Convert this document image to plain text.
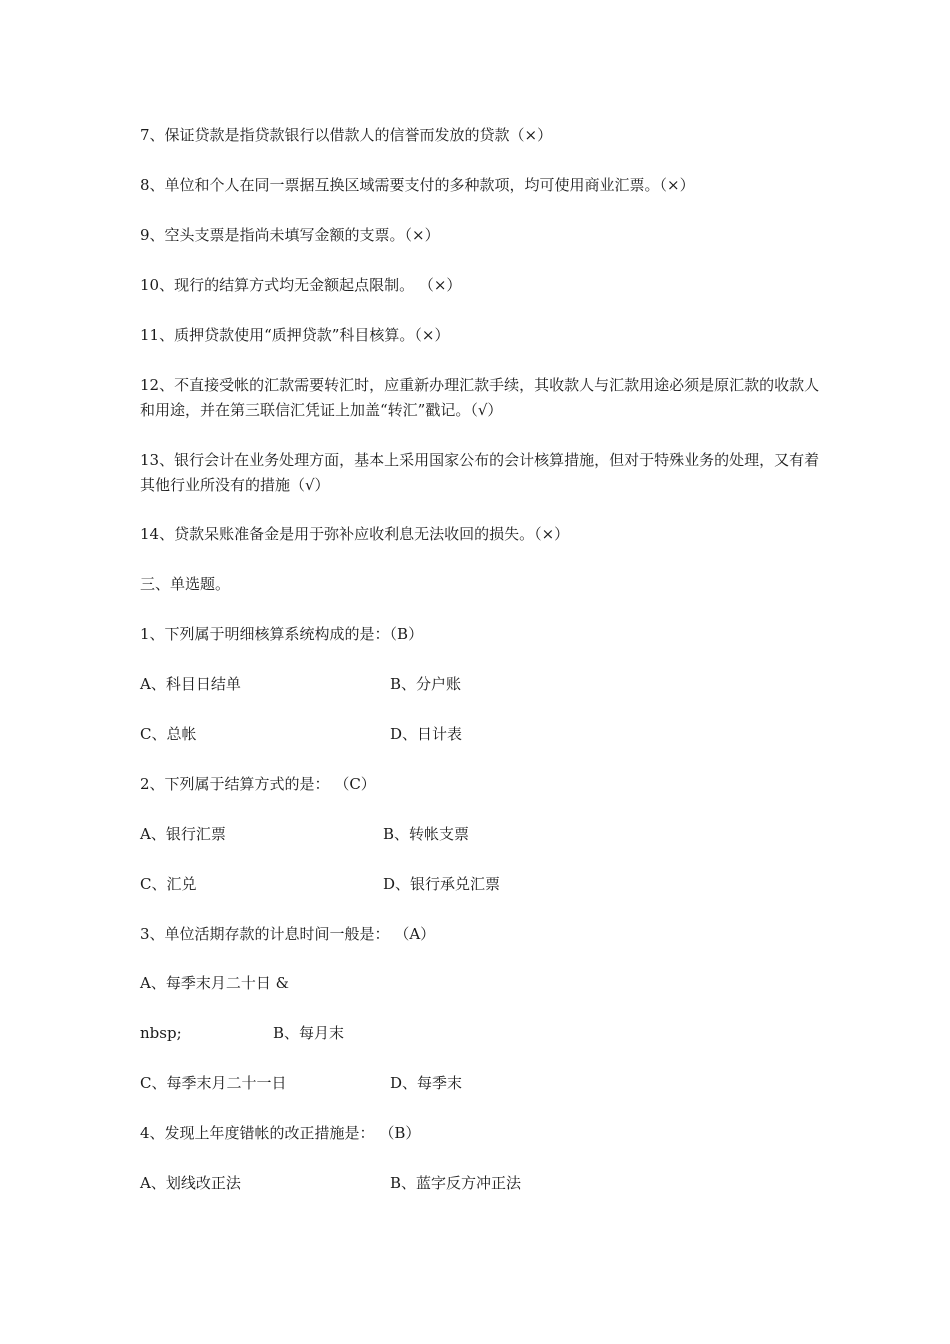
7、保证贷款是指贷款银行以借款人的信誉而发放的贷款（×）
8、单位和个人在同一票据互换区域需要支付的多种款项，均可使用商业汇票。（×）
9、空头支票是指尚未填写金额的支票。（×）
10、现行的结算方式均无金额起点限制。 （×）
11、质押贷款使用“质押贷款”科目核算。（×）
12、不直接受帐的汇款需要转汇时，应重新办理汇款手续，其收款人与汇款用途必须是原汇款的收款人和用途，并在第三联信汇凭证上加盖“转汇”戳记。（√）
13、银行会计在业务处理方面，基本上采用国家公布的会计核算措施，但对于特殊业务的处理，又有着其他行业所没有的措施（√）
14、贷款呆账准备金是用于弥补应收利息无法收回的损失。（×）
三、单选题。
1、下列属于明细核算系统构成的是：（B）
A、科目日结单	B、分户账
C、总帐	D、日计表
2、下列属于结算方式的是： （C）
A、银行汇票	B、转帐支票
C、汇兑	D、银行承兑汇票
3、单位活期存款的计息时间一般是： （A）
A、每季末月二十日 &
nbsp;	B、每月末
C、每季末月二十一日	D、每季末
4、发现上年度错帐的改正措施是： （B）
A、划线改正法	B、蓝字反方冲正法
